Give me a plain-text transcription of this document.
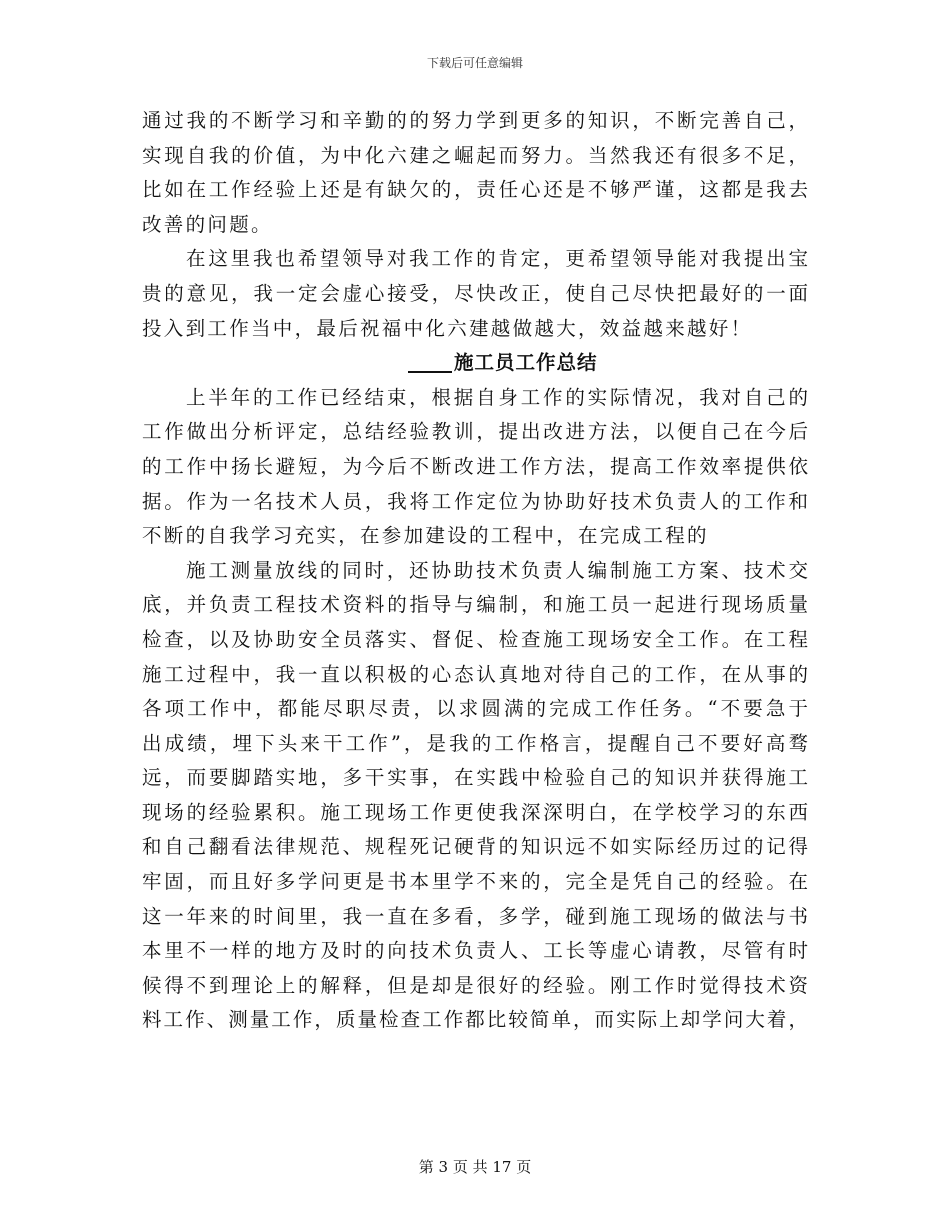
下载后可任意编辑
通过我的不断学习和辛勤的的努力学到更多的知识，不断完善自己，
实现自我的价值，为中化六建之崛起而努力。当然我还有很多不足，
比如在工作经验上还是有缺欠的，责任心还是不够严谨，这都是我去
改善的问题。
在这里我也希望领导对我工作的肯定，更希望领导能对我提出宝
贵的意见，我一定会虚心接受，尽快改正，使自己尽快把最好的一面
投入到工作当中，最后祝福中化六建越做越大，效益越来越好！
施工员工作总结
上半年的工作已经结束，根据自身工作的实际情况，我对自己的
工作做出分析评定，总结经验教训，提出改进方法，以便自己在今后
的工作中扬长避短，为今后不断改进工作方法，提高工作效率提供依
据。作为一名技术人员，我将工作定位为协助好技术负责人的工作和
不断的自我学习充实，在参加建设的工程中，在完成工程的
施工测量放线的同时，还协助技术负责人编制施工方案、技术交
底，并负责工程技术资料的指导与编制，和施工员一起进行现场质量
检查，以及协助安全员落实、督促、检查施工现场安全工作。在工程
施工过程中，我一直以积极的心态认真地对待自己的工作，在从事的
各项工作中，都能尽职尽责，以求圆满的完成工作任务。“不要急于
出成绩，埋下头来干工作”，是我的工作格言，提醒自己不要好高骛
远，而要脚踏实地，多干实事，在实践中检验自己的知识并获得施工
现场的经验累积。施工现场工作更使我深深明白，在学校学习的东西
和自己翻看法律规范、规程死记硬背的知识远不如实际经历过的记得
牢固，而且好多学问更是书本里学不来的，完全是凭自己的经验。在
这一年来的时间里，我一直在多看，多学，碰到施工现场的做法与书
本里不一样的地方及时的向技术负责人、工长等虚心请教，尽管有时
候得不到理论上的解释，但是却是很好的经验。刚工作时觉得技术资
料工作、测量工作，质量检查工作都比较简单，而实际上却学问大着，
第 3 页 共 17 页
